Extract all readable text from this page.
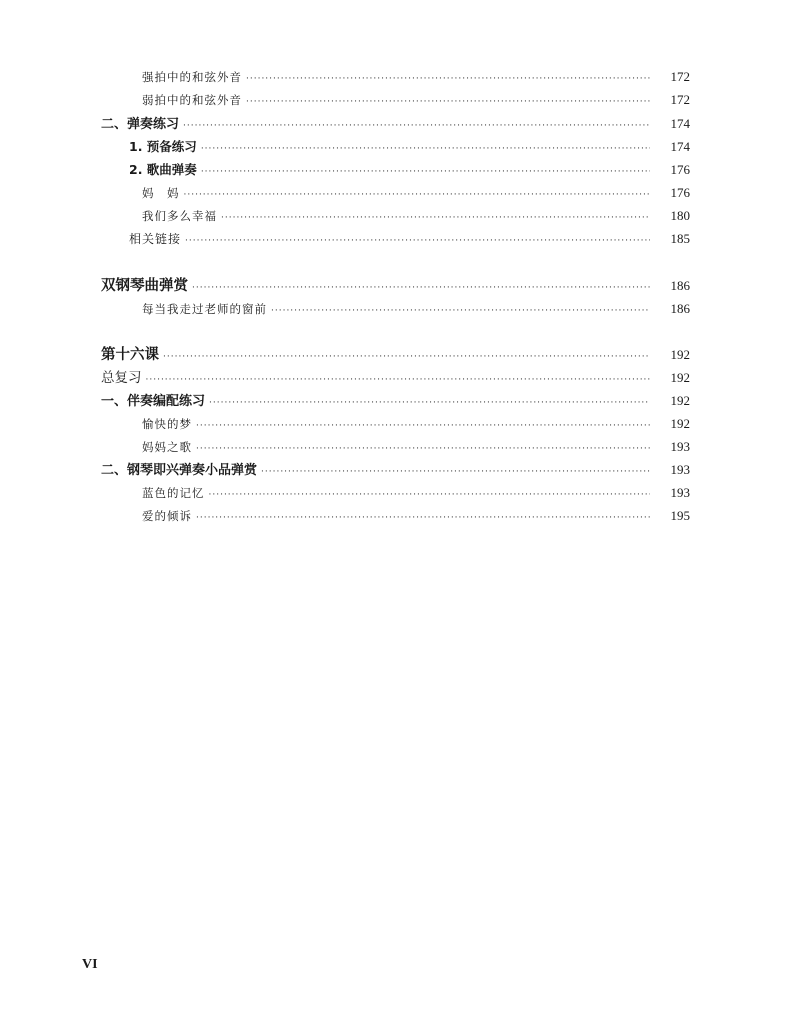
强拍中的和弦外音 ·····	172
弱拍中的和弦外音 ·····	172
二、弹奏练习 ·····	174
1. 预备练习 ·····	174
2. 歌曲弹奏 ·····	176
妈　妈 ·····	176
我们多么幸福 ·····	180
相关链接 ·····	185
双钢琴曲弹赏 ·····	186
每当我走过老师的窗前 ·····	186
第十六课 ·····	192
总复习 ·····	192
一、伴奏编配练习 ·····	192
愉快的梦 ·····	192
妈妈之歌 ·····	193
二、钢琴即兴弹奏小品弹赏 ·····	193
蓝色的记忆 ·····	193
爱的倾诉 ·····	195
VI
